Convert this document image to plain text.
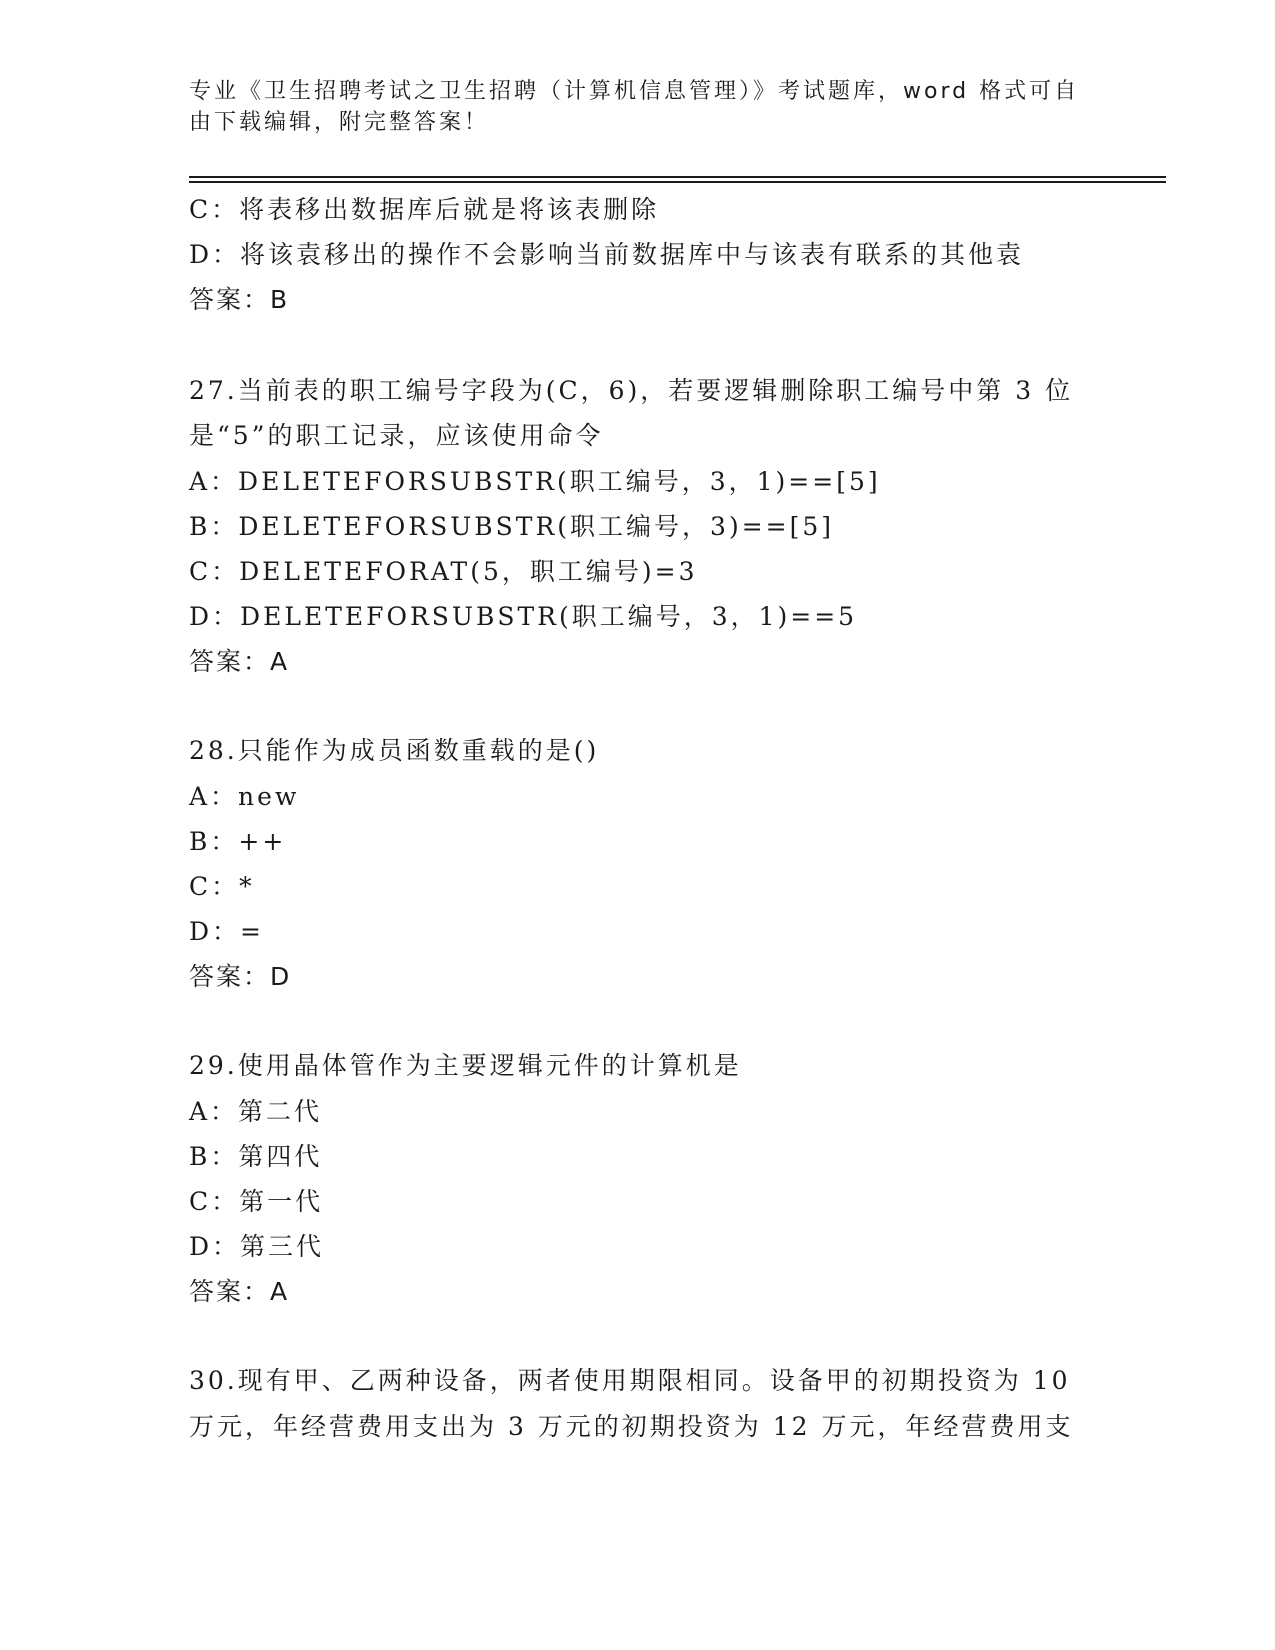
专业《卫生招聘考试之卫生招聘（计算机信息管理）》考试题库，word 格式可自
由下载编辑，附完整答案！
C：将表移出数据库后就是将该表删除
D：将该袁移出的操作不会影响当前数据库中与该表有联系的其他袁
答案：B
27.当前表的职工编号字段为(C，6)，若要逻辑删除职工编号中第 3 位
是“5”的职工记录，应该使用命令
A：DELETEFORSUBSTR(职工编号，3，1)==[5]
B：DELETEFORSUBSTR(职工编号，3)==[5]
C：DELETEFORAT(5，职工编号)=3
D：DELETEFORSUBSTR(职工编号，3，1)==5
答案：A
28.只能作为成员函数重载的是()
A：new
B：++
C：*
D：=
答案：D
29.使用晶体管作为主要逻辑元件的计算机是
A：第二代
B：第四代
C：第一代
D：第三代
答案：A
30.现有甲、乙两种设备，两者使用期限相同。设备甲的初期投资为 10
万元，年经营费用支出为 3 万元的初期投资为 12 万元，年经营费用支
